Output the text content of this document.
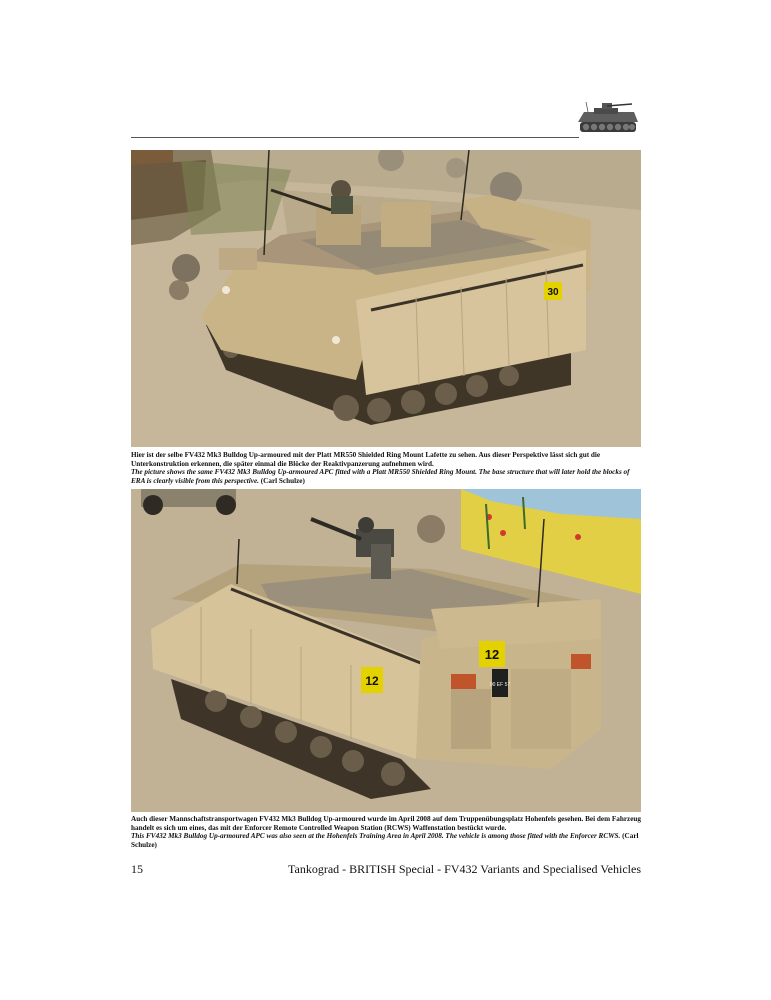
30
Hier ist der selbe FV432 Mk3 Bulldog Up-armoured mit der Platt MR550 Shielded Ring Mount Lafette zu sehen. Aus dieser Perspektive lässt sich gut die Unterkonstruktion erkennen, die später einmal die Blöcke der Reaktivpanzerung aufnehmen wird.
The picture shows the same FV432 Mk3 Bulldog Up-armoured APC fitted with a Platt MR550 Shielded Ring Mount. The base structure that will later hold the blocks of ERA is clearly visible from this perspective. (Carl Schulze)
12
12
00 EF 57
Auch dieser Mannschaftstransportwagen FV432 Mk3 Bulldog Up-armoured wurde im April 2008 auf dem Truppenübungsplatz Hohenfels gesehen. Bei dem Fahrzeug handelt es sich um eines, das mit der Enforcer Remote Controlled Weapon Station (RCWS) Waffenstation bestückt wurde.
This FV432 Mk3 Bulldog Up-armoured APC was also seen at the Hohenfels Training Area in April 2008. The vehicle is among those fitted with the Enforcer RCWS. (Carl Schulze)
15	Tankograd - BRITISH Special - FV432 Variants and Specialised Vehicles
